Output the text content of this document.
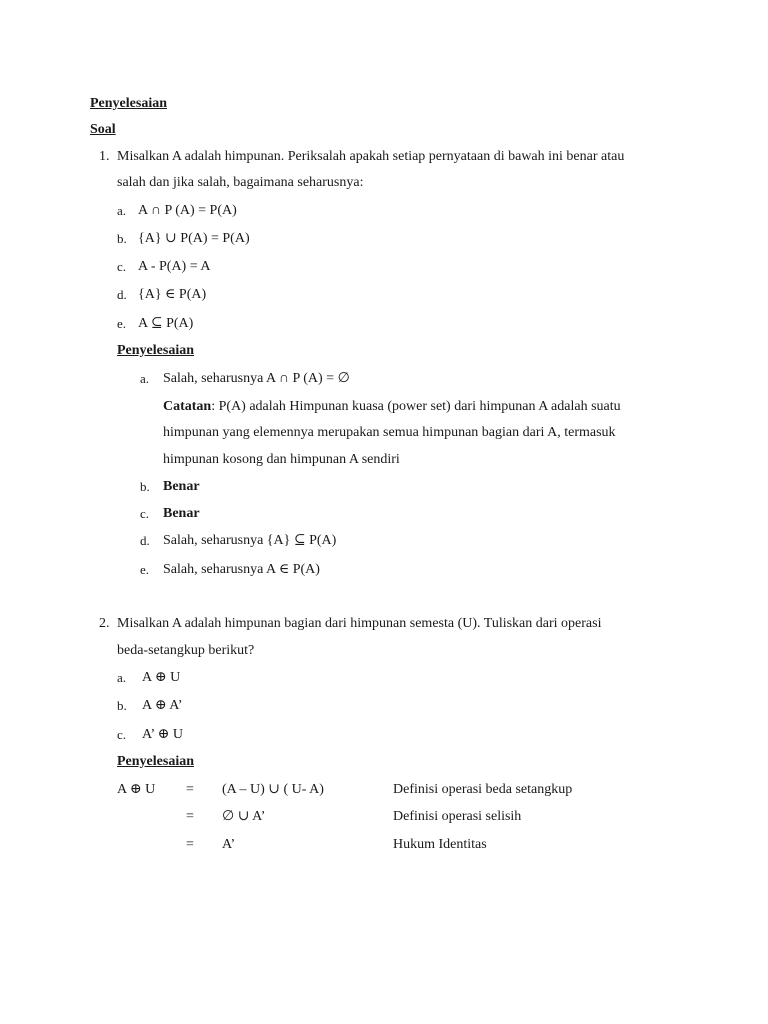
Penyelesaian
Soal
1. Misalkan A adalah himpunan. Periksalah apakah setiap pernyataan di bawah ini benar atau
salah dan jika salah, bagaimana seharusnya:
a. A ∩ P (A) = P(A)
b. {A} ∪ P(A) = P(A)
c. A - P(A) = A
d. {A} ∈ P(A)
e. A ⊆ P(A)
Penyelesaian
a. Salah, seharusnya A ∩ P (A) = ∅
Catatan: P(A) adalah Himpunan kuasa (power set) dari himpunan A adalah suatu
himpunan yang elemennya merupakan semua himpunan bagian dari A, termasuk
himpunan kosong dan himpunan A sendiri
b. Benar
c. Benar
d. Salah, seharusnya {A} ⊆ P(A)
e. Salah, seharusnya A ∈ P(A)
2. Misalkan A adalah himpunan bagian dari himpunan semesta (U). Tuliskan dari operasi
beda-setangkup berikut?
a. A ⊕ U
b. A ⊕ A’
c. A’ ⊕ U
Penyelesaian
A ⊕ U = (A – U) ∪ ( U- A)	Definisi operasi beda setangkup
= ∅ ∪ A’	Definisi operasi selisih
= A’	Hukum Identitas
